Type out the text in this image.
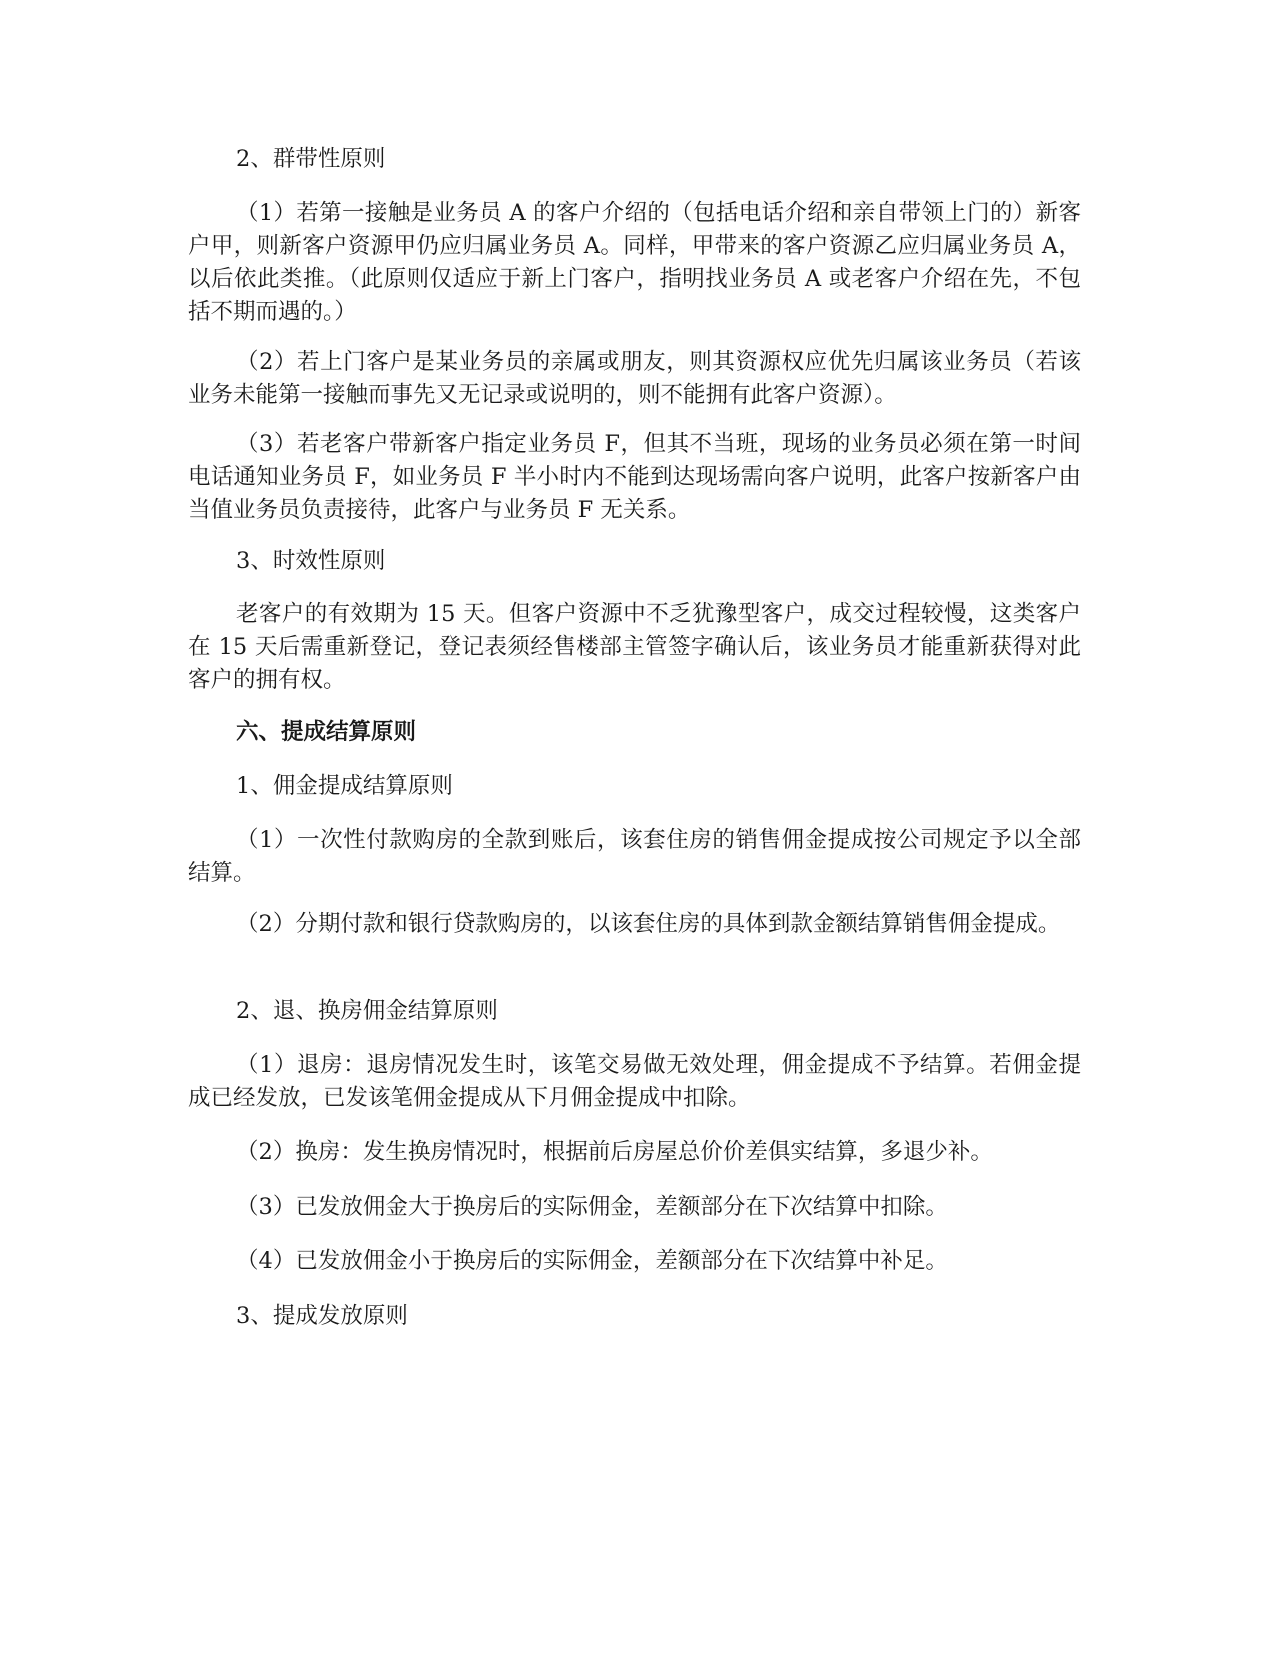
2、群带性原则

（1）若第一接触是业务员 A 的客户介绍的（包括电话介绍和亲自带领上门的）新客户甲，则新客户资源甲仍应归属业务员 A。同样，甲带来的客户资源乙应归属业务员 A，以后依此类推。（此原则仅适应于新上门客户，指明找业务员 A 或老客户介绍在先，不包括不期而遇的。）

（2）若上门客户是某业务员的亲属或朋友，则其资源权应优先归属该业务员（若该业务未能第一接触而事先又无记录或说明的，则不能拥有此客户资源）。

（3）若老客户带新客户指定业务员 F，但其不当班，现场的业务员必须在第一时间电话通知业务员 F，如业务员 F 半小时内不能到达现场需向客户说明，此客户按新客户由当值业务员负责接待，此客户与业务员 F 无关系。

3、时效性原则

老客户的有效期为 15 天。但客户资源中不乏犹豫型客户，成交过程较慢，这类客户在 15 天后需重新登记，登记表须经售楼部主管签字确认后，该业务员才能重新获得对此客户的拥有权。

六、提成结算原则

1、佣金提成结算原则

（1）一次性付款购房的全款到账后，该套住房的销售佣金提成按公司规定予以全部结算。

（2）分期付款和银行贷款购房的，以该套住房的具体到款金额结算销售佣金提成。

2、退、换房佣金结算原则

（1）退房：退房情况发生时，该笔交易做无效处理，佣金提成不予结算。若佣金提成已经发放，已发该笔佣金提成从下月佣金提成中扣除。

（2）换房：发生换房情况时，根据前后房屋总价价差俱实结算，多退少补。

（3）已发放佣金大于换房后的实际佣金，差额部分在下次结算中扣除。

（4）已发放佣金小于换房后的实际佣金，差额部分在下次结算中补足。

3、提成发放原则
